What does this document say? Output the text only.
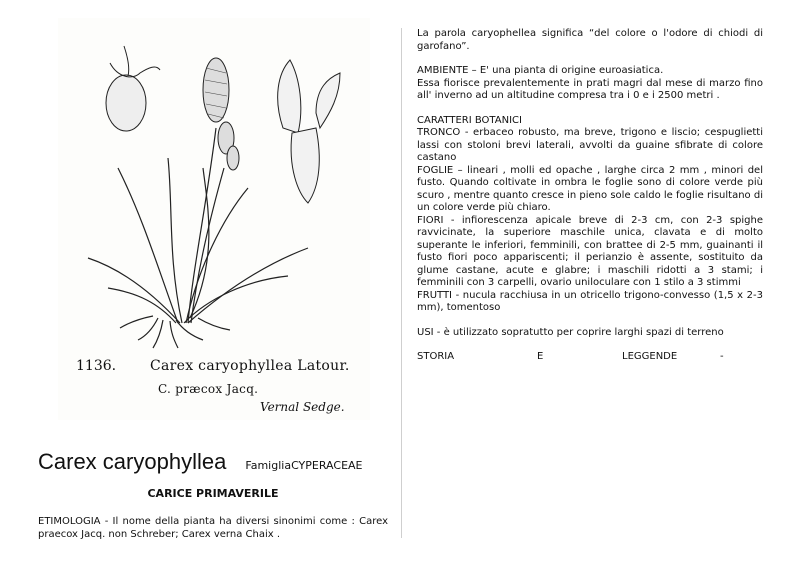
1136. Carex caryophyllea Latour.
C. præcox Jacq.
Vernal Sedge.
Carex caryophyllea FamigliaCYPERACEAE
CARICE PRIMAVERILE
ETIMOLOGIA - Il nome della pianta ha diversi sinonimi come : Carex praecox Jacq. non Schreber; Carex verna Chaix .

La parola caryophellea significa “del colore o l'odore di chiodi di garofano”.

AMBIENTE – E' una pianta di origine euroasiatica.

Essa fiorisce prevalentemente in prati magri dal mese di marzo fino all' inverno ad un altitudine compresa tra i 0 e i 2500 metri .

CARATTERI BOTANICI

TRONCO - erbaceo robusto, ma breve, trigono e liscio; cespuglietti lassi con stoloni brevi laterali, avvolti da guaine sfibrate di colore castano

FOGLIE – lineari , molli ed opache , larghe circa 2 mm , minori del fusto. Quando coltivate in ombra le foglie sono di colore verde più scuro , mentre quanto cresce in pieno sole caldo le foglie risultano di un colore verde più chiaro.

FIORI - infiorescenza apicale breve di 2-3 cm, con 2-3 spighe ravvicinate, la superiore maschile unica, clavata e di molto superante le inferiori, femminili, con brattee di 2-5 mm, guainanti il fusto fiori poco appariscenti; il perianzio è assente, sostituito da glume castane, acute e glabre; i maschili ridotti a 3 stami; i femminili con 3 carpelli, ovario uniloculare con 1 stilo a 3 stimmi

FRUTTI - nucula racchiusa in un otricello trigono-convesso (1,5 x 2-3 mm), tomentoso

USI - è utilizzato sopratutto per coprire larghi spazi di terreno

STORIA	E	LEGGENDE	-
